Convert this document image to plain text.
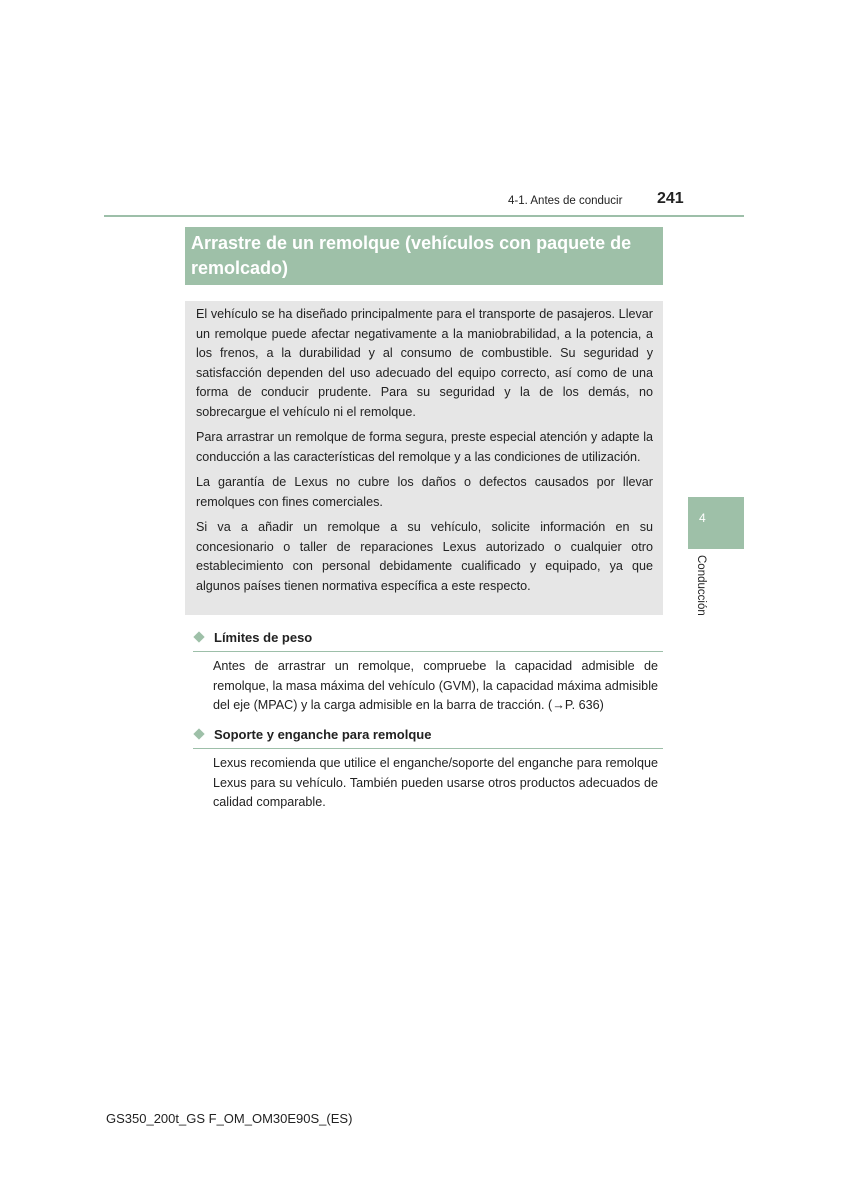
4-1. Antes de conducir 241
Arrastre de un remolque (vehículos con paquete de remolcado)

El vehículo se ha diseñado principalmente para el transporte de pasajeros. Llevar un remolque puede afectar negativamente a la maniobrabilidad, a la potencia, a los frenos, a la durabilidad y al consumo de combustible. Su seguridad y satisfacción dependen del uso adecuado del equipo correcto, así como de una forma de conducir prudente. Para su seguridad y la de los demás, no sobrecargue el vehículo ni el remolque.

Para arrastrar un remolque de forma segura, preste especial atención y adapte la conducción a las características del remolque y a las condiciones de utilización.

La garantía de Lexus no cubre los daños o defectos causados por llevar remolques con fines comerciales.

Si va a añadir un remolque a su vehículo, solicite información en su concesionario o taller de reparaciones Lexus autorizado o cualquier otro establecimiento con personal debidamente cualificado y equipado, ya que algunos países tienen normativa específica a este respecto.

Límites de peso

Antes de arrastrar un remolque, compruebe la capacidad admisible de remolque, la masa máxima del vehículo (GVM), la capacidad máxima admisible del eje (MPAC) y la carga admisible en la barra de tracción. (→P. 636)

Soporte y enganche para remolque

Lexus recomienda que utilice el enganche/soporte del enganche para remolque Lexus para su vehículo. También pueden usarse otros productos adecuados de calidad comparable.

4
Conducción
GS350_200t_GS F_OM_OM30E90S_(ES)
